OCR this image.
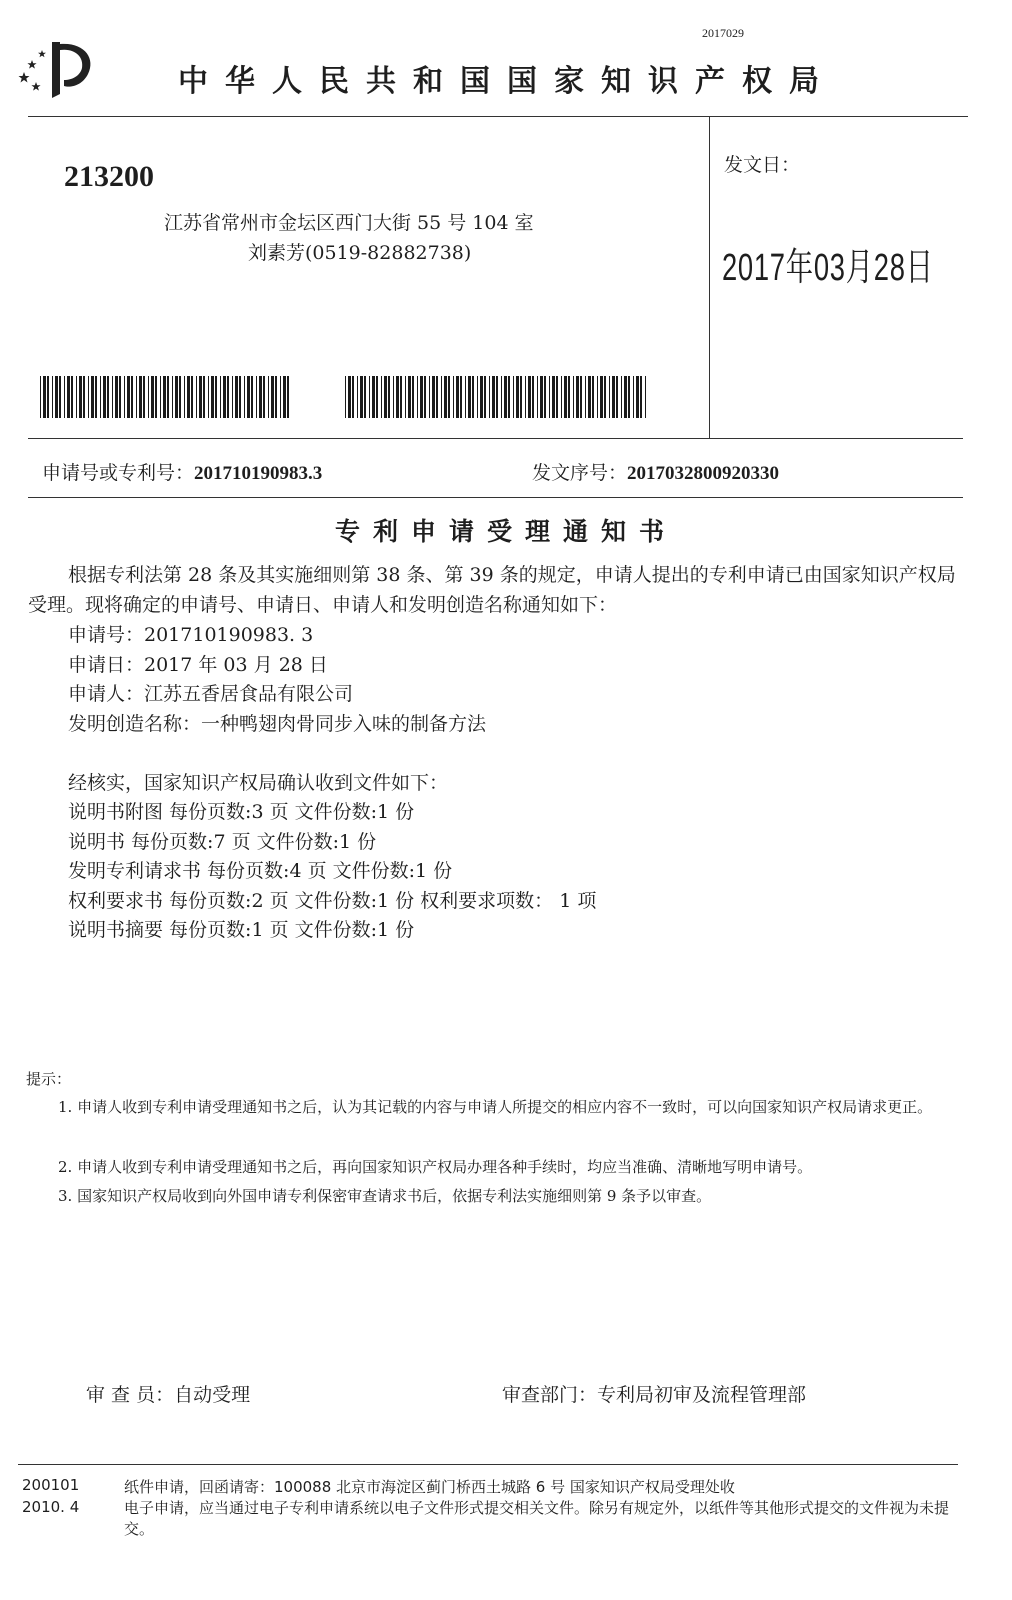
2017029
中华人民共和国国家知识产权局
213200
江苏省常州市金坛区西门大街 55 号 104 室
刘素芳(0519-82882738)
发文日：
2017年03月28日
申请号或专利号：201710190983.3	发文序号：2017032800920330
专利申请受理通知书
根据专利法第 28 条及其实施细则第 38 条、第 39 条的规定，申请人提出的专利申请已由国家知识产权局受理。现将确定的申请号、申请日、申请人和发明创造名称通知如下：
申请号：201710190983. 3
申请日：2017 年 03 月 28 日
申请人：江苏五香居食品有限公司
发明创造名称：一种鸭翅肉骨同步入味的制备方法
经核实，国家知识产权局确认收到文件如下：
说明书附图 每份页数:3 页 文件份数:1 份
说明书 每份页数:7 页 文件份数:1 份
发明专利请求书 每份页数:4 页 文件份数:1 份
权利要求书 每份页数:2 页 文件份数:1 份 权利要求项数： 1 项
说明书摘要 每份页数:1 页 文件份数:1 份
提示：
1. 申请人收到专利申请受理通知书之后，认为其记载的内容与申请人所提交的相应内容不一致时，可以向国家知识产权局请求更正。
2. 申请人收到专利申请受理通知书之后，再向国家知识产权局办理各种手续时，均应当准确、清晰地写明申请号。
3. 国家知识产权局收到向外国申请专利保密审查请求书后，依据专利法实施细则第 9 条予以审查。
审 查 员：自动受理	审查部门：专利局初审及流程管理部
200101
2010. 4
纸件申请，回函请寄：100088 北京市海淀区蓟门桥西土城路 6 号 国家知识产权局受理处收
电子申请，应当通过电子专利申请系统以电子文件形式提交相关文件。除另有规定外，以纸件等其他形式提交的文件视为未提交。
